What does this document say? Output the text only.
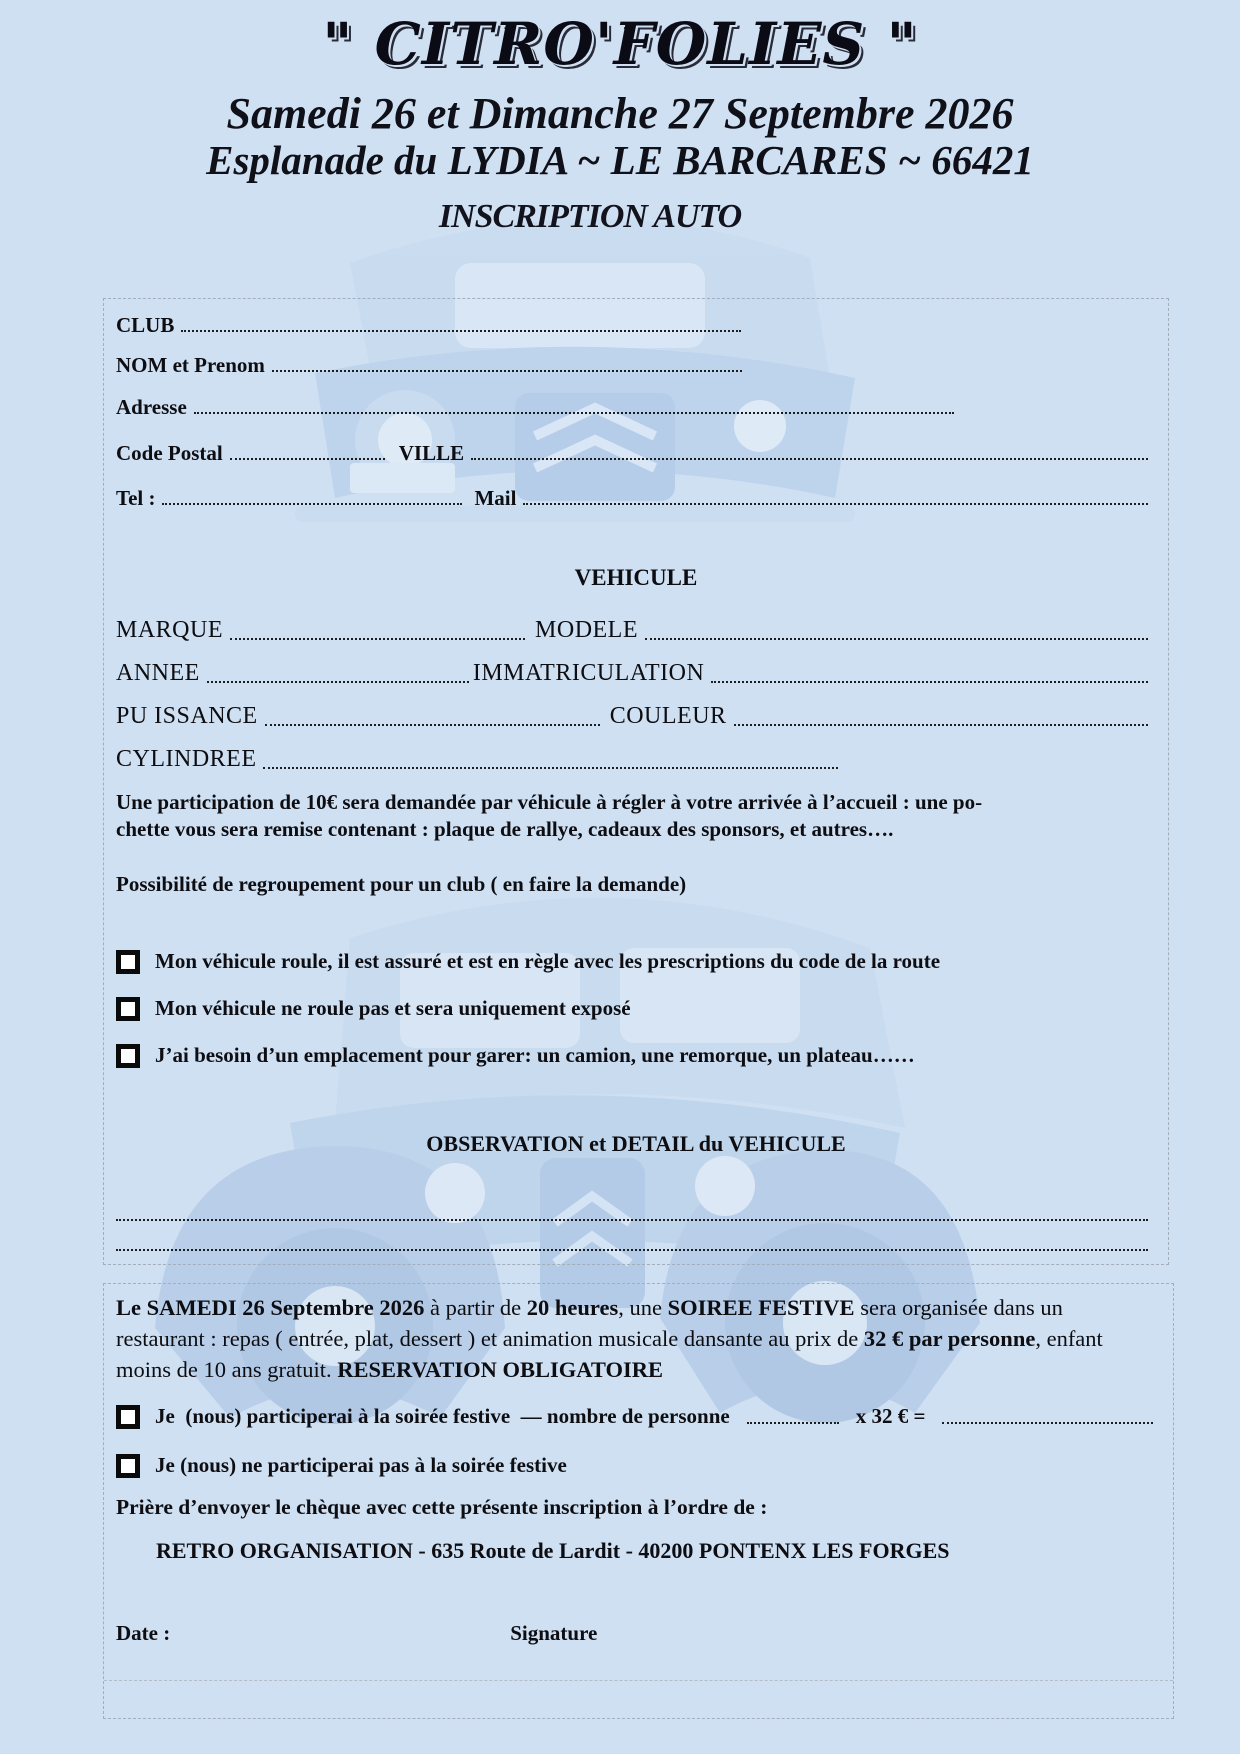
" CITRO'FOLIES "
Samedi 26 et Dimanche 27 Septembre 2026
Esplanade du LYDIA ~ LE BARCARES ~ 66421
INSCRIPTION AUTO
CLUB
NOM et Prenom
Adresse
Code Postal	VILLE
Tel :	Mail
VEHICULE
MARQUE	MODELE
ANNEE	IMMATRICULATION
PU ISSANCE	COULEUR
CYLINDREE

Une participation de 10€ sera demandée par véhicule à régler à votre arrivée à l’accueil : une po-
chette vous sera remise contenant : plaque de rallye, cadeaux des sponsors, et autres….

Possibilité de regroupement pour un club ( en faire la demande)

Mon véhicule roule, il est assuré et est en règle avec les prescriptions du code de la route
Mon véhicule ne roule pas et sera uniquement exposé
J’ai besoin d’un emplacement pour garer: un camion, une remorque, un plateau……
OBSERVATION et DETAIL du VEHICULE

Le SAMEDI 26 Septembre 2026 à partir de 20 heures, une SOIREE FESTIVE sera organisée dans un restaurant : repas ( entrée, plat, dessert ) et animation musicale dansante au prix de 32 € par personne, enfant moins de 10 ans gratuit. RESERVATION OBLIGATOIRE

Je  (nous) participerai à la soirée festive  — nombre de personne	x 32 € =
Je (nous) ne participerai pas à la soirée festive

Prière d’envoyer le chèque avec cette présente inscription à l’ordre de :

RETRO ORGANISATION - 635 Route de Lardit - 40200 PONTENX LES FORGES

Date :	Signature
